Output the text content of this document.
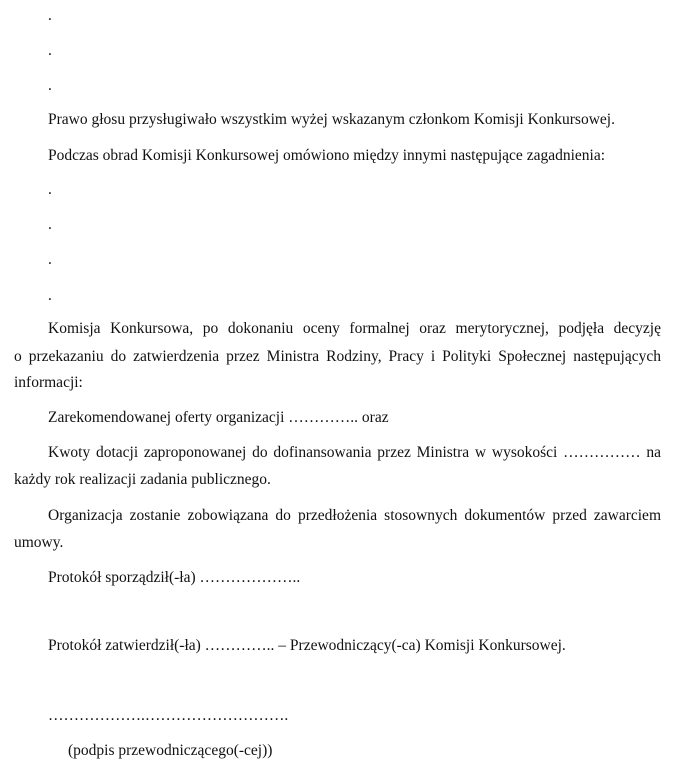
.
.
.
Prawo głosu przysługiwało wszystkim wyżej wskazanym członkom Komisji Konkursowej.
Podczas obrad Komisji Konkursowej omówiono między innymi następujące zagadnienia:
.
.
.
.
Komisja Konkursowa, po dokonaniu oceny formalnej oraz merytorycznej, podjęła decyzję
o przekazaniu do zatwierdzenia przez Ministra Rodziny, Pracy i Polityki Społecznej następujących
informacji:
Zarekomendowanej oferty organizacji ………….. oraz
Kwoty dotacji zaproponowanej do dofinansowania przez Ministra w wysokości …………… na
każdy rok realizacji zadania publicznego.
Organizacja zostanie zobowiązana do przedłożenia stosownych dokumentów przed zawarciem
umowy.
Protokół sporządził(-ła) ………………..
Protokół zatwierdził(-ła) ………….. – Przewodniczący(-ca) Komisji Konkursowej.
……………….……………………….
(podpis przewodniczącego(-cej))
